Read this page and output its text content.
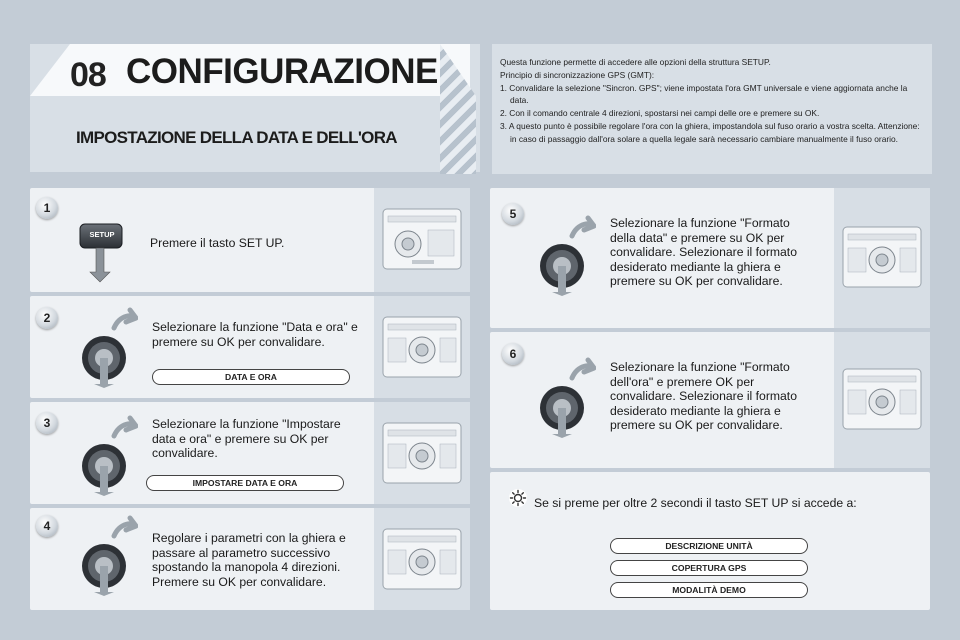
08 CONFIGURAZIONE
IMPOSTAZIONE DELLA DATA E DELL'ORA

Questa funzione permette di accedere alle opzioni della struttura SETUP.

Principio di sincronizzazione GPS (GMT):

1. Convalidare la selezione "Sincron. GPS"; viene impostata l'ora GMT universale e viene aggiornata anche la data.

2. Con il comando centrale 4 direzioni, spostarsi nei campi delle ore e premere su OK.

3. A questo punto è possibile regolare l'ora con la ghiera, impostandola sul fuso orario a vostra scelta. Attenzione: in caso di passaggio dall'ora solare a quella legale sarà necessario cambiare manualmente il fuso orario.

1
2
3
4
5
6
SETUP
Premere il tasto SET UP.
Selezionare la funzione "Data e ora" e premere su OK per convalidare.
Selezionare la funzione "Impostare data e ora" e premere su OK per convalidare.
Regolare i parametri con la ghiera e passare al parametro successivo spostando la manopola 4 direzioni. Premere su OK per convalidare.
Selezionare la funzione "Formato della data" e premere su OK per convalidare. Selezionare il formato desiderato mediante la ghiera e premere su OK per convalidare.
Selezionare la funzione "Formato dell'ora" e premere OK per convalidare. Selezionare il formato desiderato mediante la ghiera e premere su OK per convalidare.
DATA E ORA
IMPOSTARE DATA E ORA
Se si preme per oltre 2 secondi il tasto SET UP si accede a:
DESCRIZIONE UNITÀ
COPERTURA GPS
MODALITÀ DEMO
